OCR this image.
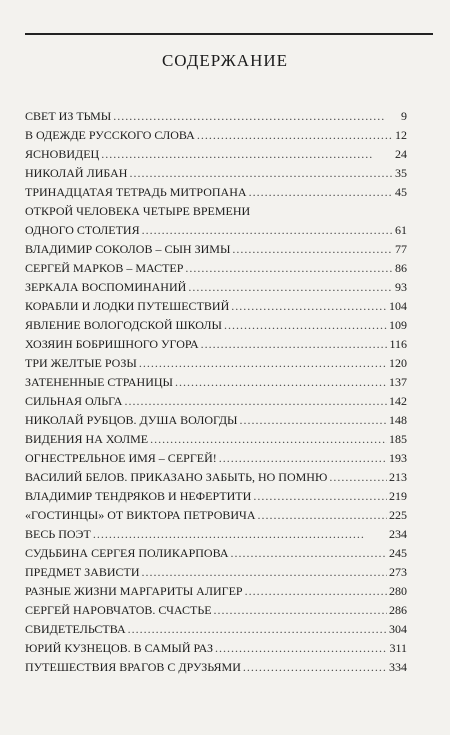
СОДЕРЖАНИЕ
СВЕТ ИЗ ТЬМЫ . . .	9
В ОДЕЖДЕ РУССКОГО СЛОВА . . .	12
ЯСНОВИДЕЦ . . .	24
НИКОЛАЙ ЛИБАН . . .	35
ТРИНАДЦАТАЯ ТЕТРАДЬ МИТРОПАНА . . .	45
ОТКРОЙ ЧЕЛОВЕКА ЧЕТЫРЕ ВРЕМЕНИ
ОДНОГО СТОЛЕТИЯ . . .	61
ВЛАДИМИР СОКОЛОВ – СЫН ЗИМЫ . . .	77
СЕРГЕЙ МАРКОВ – МАСТЕР . . .	86
ЗЕРКАЛА ВОСПОМИНАНИЙ . . .	93
КОРАБЛИ И ЛОДКИ ПУТЕШЕСТВИЙ . . .	104
ЯВЛЕНИЕ ВОЛОГОДСКОЙ ШКОЛЫ . . .	109
ХОЗЯИН БОБРИШНОГО УГОРА . . .	116
ТРИ ЖЕЛТЫЕ РОЗЫ . . .	120
ЗАТЕНЕННЫЕ СТРАНИЦЫ . . .	137
СИЛЬНАЯ ОЛЬГА . . .	142
НИКОЛАЙ РУБЦОВ. ДУША ВОЛОГДЫ . . .	148
ВИДЕНИЯ НА ХОЛМЕ . . .	185
ОГНЕСТРЕЛЬНОЕ ИМЯ – СЕРГЕЙ! . . .	193
ВАСИЛИЙ БЕЛОВ. ПРИКАЗАНО ЗАБЫТЬ, НО ПОМНЮ . . .	213
ВЛАДИМИР ТЕНДРЯКОВ И НЕФЕРТИТИ . . .	219
«ГОСТИНЦЫ» ОТ ВИКТОРА ПЕТРОВИЧА . . .	225
ВЕСЬ ПОЭТ . . .	234
СУДЬБИНА СЕРГЕЯ ПОЛИКАРПОВА . . .	245
ПРЕДМЕТ ЗАВИСТИ . . .	273
РАЗНЫЕ ЖИЗНИ МАРГАРИТЫ АЛИГЕР . . .	280
СЕРГЕЙ НАРОВЧАТОВ. СЧАСТЬЕ . . .	286
СВИДЕТЕЛЬСТВА . . .	304
ЮРИЙ КУЗНЕЦОВ. В САМЫЙ РАЗ . . .	311
ПУТЕШЕСТВИЯ ВРАГОВ С ДРУЗЬЯМИ . . .	334
